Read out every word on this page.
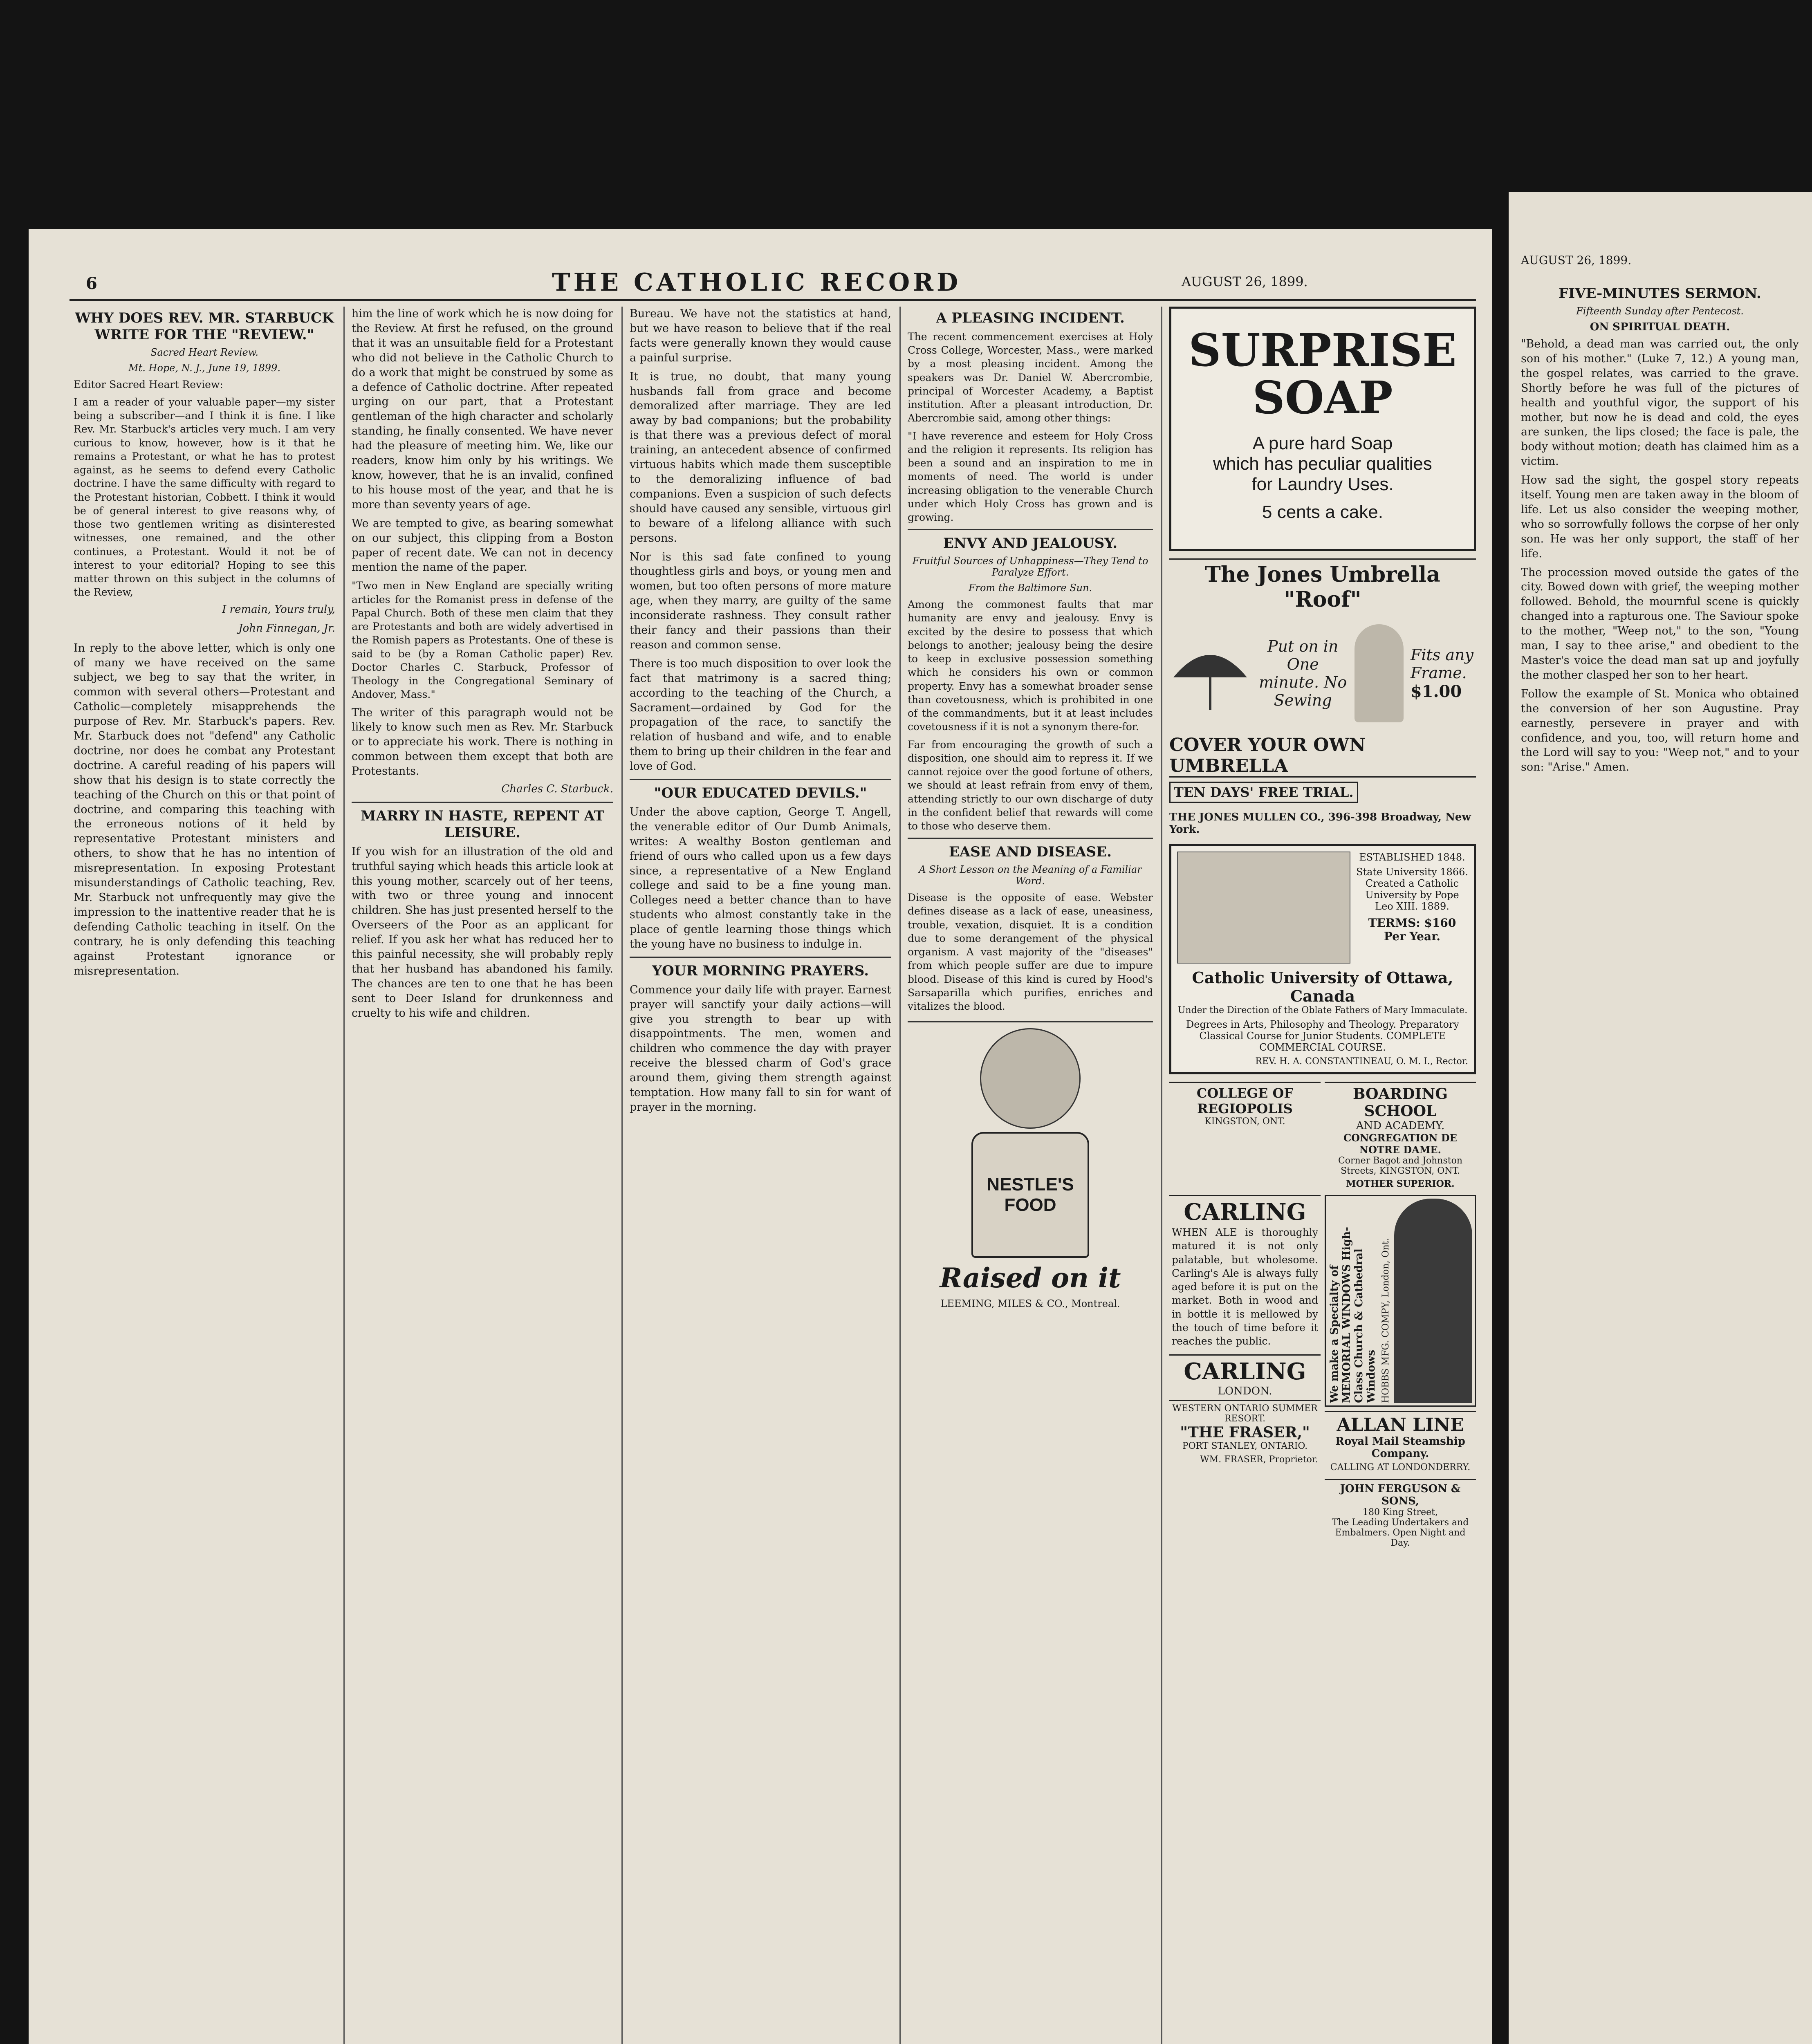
6	THE CATHOLIC RECORD	AUGUST 26, 1899.
WHY DOES REV. MR. STARBUCK WRITE FOR THE "REVIEW."
Sacred Heart Review.
Mt. Hope, N. J., June 19, 1899.

Editor Sacred Heart Review:

I am a reader of your valuable paper—my sister being a subscriber—and I think it is fine. I like Rev. Mr. Starbuck's articles very much. I am very curious to know, however, how is it that he remains a Protestant, or what he has to protest against, as he seems to defend every Catholic doctrine. I have the same difficulty with regard to the Protestant historian, Cobbett. I think it would be of general interest to give reasons why, of those two gentlemen writing as disinterested witnesses, one remained, and the other continues, a Protestant. Would it not be of interest to your editorial? Hoping to see this matter thrown on this subject in the columns of the Review,

I remain, Yours truly,
John Finnegan, Jr.

In reply to the above letter, which is only one of many we have received on the same subject, we beg to say that the writer, in common with several others—Protestant and Catholic—completely misapprehends the purpose of Rev. Mr. Starbuck's papers. Rev. Mr. Starbuck does not "defend" any Catholic doctrine, nor does he combat any Protestant doctrine. A careful reading of his papers will show that his design is to state correctly the teaching of the Church on this or that point of doctrine, and comparing this teaching with the erroneous notions of it held by representative Protestant ministers and others, to show that he has no intention of misrepresentation. In exposing Protestant misunderstandings of Catholic teaching, Rev. Mr. Starbuck not unfrequently may give the impression to the inattentive reader that he is defending Catholic teaching in itself. On the contrary, he is only defending this teaching against Protestant ignorance or misrepresentation.

him the line of work which he is now doing for the Review. At first he refused, on the ground that it was an unsuitable field for a Protestant who did not believe in the Catholic Church to do a work that might be construed by some as a defence of Catholic doctrine. After repeated urging on our part, that a Protestant gentleman of the high character and scholarly standing, he finally consented. We have never had the pleasure of meeting him. We, like our readers, know him only by his writings. We know, however, that he is an invalid, confined to his house most of the year, and that he is more than seventy years of age.

We are tempted to give, as bearing somewhat on our subject, this clipping from a Boston paper of recent date. We can not in decency mention the name of the paper.

"Two men in New England are specially writing articles for the Romanist press in defense of the Papal Church. Both of these men claim that they are Protestants and both are widely advertised in the Romish papers as Protestants. One of these is said to be (by a Roman Catholic paper) Rev. Doctor Charles C. Starbuck, Professor of Theology in the Congregational Seminary of Andover, Mass."

The writer of this paragraph would not be likely to know such men as Rev. Mr. Starbuck or to appreciate his work. There is nothing in common between them except that both are Protestants.

Charles C. Starbuck.
MARRY IN HASTE, REPENT AT LEISURE.

If you wish for an illustration of the old and truthful saying which heads this article look at this young mother, scarcely out of her teens, with two or three young and innocent children. She has just presented herself to the Overseers of the Poor as an applicant for relief. If you ask her what has reduced her to this painful necessity, she will probably reply that her husband has abandoned his family. The chances are ten to one that he has been sent to Deer Island for drunkenness and cruelty to his wife and children.

Bureau. We have not the statistics at hand, but we have reason to believe that if the real facts were generally known they would cause a painful surprise.

It is true, no doubt, that many young husbands fall from grace and become demoralized after marriage. They are led away by bad companions; but the probability is that there was a previous defect of moral training, an antecedent absence of confirmed virtuous habits which made them susceptible to the demoralizing influence of bad companions. Even a suspicion of such defects should have caused any sensible, virtuous girl to beware of a lifelong alliance with such persons.

Nor is this sad fate confined to young thoughtless girls and boys, or young men and women, but too often persons of more mature age, when they marry, are guilty of the same inconsiderate rashness. They consult rather their fancy and their passions than their reason and common sense.

There is too much disposition to over look the fact that matrimony is a sacred thing; according to the teaching of the Church, a Sacrament—ordained by God for the propagation of the race, to sanctify the relation of husband and wife, and to enable them to bring up their children in the fear and love of God.

"OUR EDUCATED DEVILS."

Under the above caption, George T. Angell, the venerable editor of Our Dumb Animals, writes: A wealthy Boston gentleman and friend of ours who called upon us a few days since, a representative of a New England college and said to be a fine young man. Colleges need a better chance than to have students who almost constantly take in the place of gentle learning those things which the young have no business to indulge in.

YOUR MORNING PRAYERS.

Commence your daily life with prayer. Earnest prayer will sanctify your daily actions—will give you strength to bear up with disappointments. The men, women and children who commence the day with prayer receive the blessed charm of God's grace around them, giving them strength against temptation. How many fall to sin for want of prayer in the morning.

A PLEASING INCIDENT.

The recent commencement exercises at Holy Cross College, Worcester, Mass., were marked by a most pleasing incident. Among the speakers was Dr. Daniel W. Abercrombie, principal of Worcester Academy, a Baptist institution. After a pleasant introduction, Dr. Abercrombie said, among other things:

"I have reverence and esteem for Holy Cross and the religion it represents. Its religion has been a sound and an inspiration to me in moments of need. The world is under increasing obligation to the venerable Church under which Holy Cross has grown and is growing.

ENVY AND JEALOUSY.
Fruitful Sources of Unhappiness—They Tend to Paralyze Effort.
From the Baltimore Sun.

Among the commonest faults that mar humanity are envy and jealousy. Envy is excited by the desire to possess that which belongs to another; jealousy being the desire to keep in exclusive possession something which he considers his own or common property. Envy has a somewhat broader sense than covetousness, which is prohibited in one of the commandments, but it at least includes covetousness if it is not a synonym there-for.

Far from encouraging the growth of such a disposition, one should aim to repress it. If we cannot rejoice over the good fortune of others, we should at least refrain from envy of them, attending strictly to our own discharge of duty in the confident belief that rewards will come to those who deserve them.

EASE AND DISEASE.
A Short Lesson on the Meaning of a Familiar Word.

Disease is the opposite of ease. Webster defines disease as a lack of ease, uneasiness, trouble, vexation, disquiet. It is a condition due to some derangement of the physical organism. A vast majority of the "diseases" from which people suffer are due to impure blood. Disease of this kind is cured by Hood's Sarsaparilla which purifies, enriches and vitalizes the blood.

NESTLE'S FOOD
Raised on it
LEEMING, MILES & CO., Montreal.
SURPRISE SOAP
A pure hard Soap
which has peculiar qualities
for Laundry Uses.
5 cents a cake.
The Jones Umbrella "Roof"
Put on in One minute. No Sewing
Fits any Frame.
$1.00
COVER YOUR OWN UMBRELLA
TEN DAYS' FREE TRIAL.
THE JONES MULLEN CO., 396-398 Broadway, New York.
ESTABLISHED 1848.
State University 1866. Created a Catholic University by Pope Leo XIII. 1889.
TERMS: $160 Per Year.
Catholic University of Ottawa, Canada
Under the Direction of the Oblate Fathers of Mary Immaculate.
Degrees in Arts, Philosophy and Theology. Preparatory Classical Course for Junior Students. COMPLETE COMMERCIAL COURSE.
REV. H. A. CONSTANTINEAU, O. M. I., Rector.
COLLEGE OF REGIOPOLIS
KINGSTON, ONT.
BOARDING SCHOOL
AND ACADEMY.
CONGREGATION DE NOTRE DAME.
Corner Bagot and Johnston Streets, KINGSTON, ONT.
MOTHER SUPERIOR.
CARLING

WHEN ALE is thoroughly matured it is not only palatable, but wholesome. Carling's Ale is always fully aged before it is put on the market. Both in wood and in bottle it is mellowed by the touch of time before it reaches the public.

CARLING
LONDON.
WESTERN ONTARIO SUMMER RESORT.
"THE FRASER,"
PORT STANLEY, ONTARIO.
WM. FRASER, Proprietor.
We make a Specialty of MEMORIAL WINDOWS High-Class Church & Cathedral Windows HOBBS MFG. COMPY, London, Ont.
ALLAN LINE
Royal Mail Steamship Company.
CALLING AT LONDONDERRY.
JOHN FERGUSON & SONS,
180 King Street,
The Leading Undertakers and Embalmers. Open Night and Day.
AUGUST 26, 1899.
FIVE-MINUTES SERMON.
Fifteenth Sunday after Pentecost.
ON SPIRITUAL DEATH.

"Behold, a dead man was carried out, the only son of his mother." (Luke 7, 12.) A young man, the gospel relates, was carried to the grave. Shortly before he was full of the pictures of health and youthful vigor, the support of his mother, but now he is dead and cold, the eyes are sunken, the lips closed; the face is pale, the body without motion; death has claimed him as a victim.

How sad the sight, the gospel story repeats itself. Young men are taken away in the bloom of life. Let us also consider the weeping mother, who so sorrowfully follows the corpse of her only son. He was her only support, the staff of her life.

The procession moved outside the gates of the city. Bowed down with grief, the weeping mother followed. Behold, the mournful scene is quickly changed into a rapturous one. The Saviour spoke to the mother, "Weep not," to the son, "Young man, I say to thee arise," and obedient to the Master's voice the dead man sat up and joyfully the mother clasped her son to her heart.

Follow the example of St. Monica who obtained the conversion of her son Augustine. Pray earnestly, persevere in prayer and with confidence, and you, too, will return home and the Lord will say to you: "Weep not," and to your son: "Arise." Amen.
